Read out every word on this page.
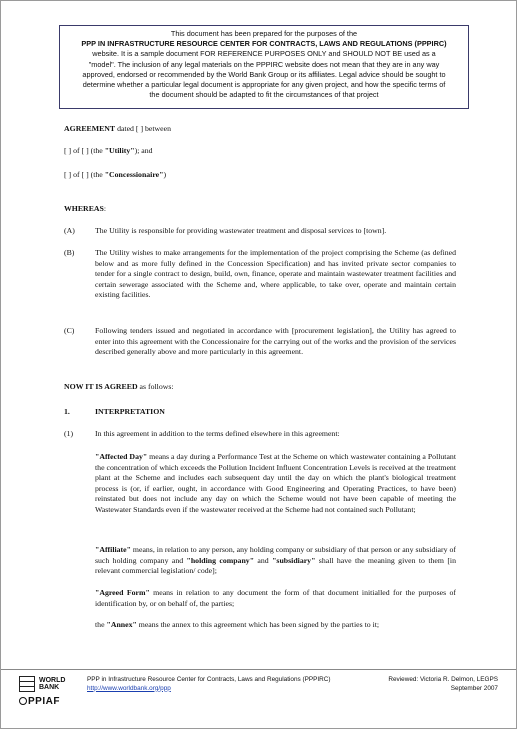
This document has been prepared for the purposes of the
PPP IN INFRASTRUCTURE RESOURCE CENTER FOR CONTRACTS, LAWS AND REGULATIONS (PPPIRC)
website. It is a sample document FOR REFERENCE PURPOSES ONLY and SHOULD NOT BE used as a
"model". The inclusion of any legal materials on the PPPIRC website does not mean that they are in any way
approved, endorsed or recommended by the World Bank Group or its affiliates. Legal advice should be sought to
determine whether a particular legal document is appropriate for any given project, and how the specific terms of
the document should be adapted to fit the circumstances of that project
AGREEMENT dated [ ] between
[ ] of [ ] (the "Utility"); and
[ ] of [ ] (the "Concessionaire")
WHEREAS:
(A)	The Utility is responsible for providing wastewater treatment and disposal services to [town].
(B)	The Utility wishes to make arrangements for the implementation of the project comprising the Scheme (as defined below and as more fully defined in the Concession Specification) and has invited private sector companies to tender for a single contract to design, build, own, finance, operate and maintain wastewater treatment facilities and certain sewerage associated with the Scheme and, where applicable, to take over, operate and maintain certain existing facilities.
(C)	Following tenders issued and negotiated in accordance with [procurement legislation], the Utility has agreed to enter into this agreement with the Concessionaire for the carrying out of the works and the provision of the services described generally above and more particularly in this agreement.
NOW IT IS AGREED as follows:
1.	INTERPRETATION
(1)	In this agreement in addition to the terms defined elsewhere in this agreement:
"Affected Day" means a day during a Performance Test at the Scheme on which wastewater containing a Pollutant the concentration of which exceeds the Pollution Incident Influent Concentration Levels is received at the treatment plant at the Scheme and includes each subsequent day until the day on which the plant's biological treatment process is (or, if earlier, ought, in accordance with Good Engineering and Operating Practices, to have been) reinstated but does not include any day on which the Scheme would not have been capable of meeting the Wastewater Standards even if the wastewater received at the Scheme had not contained such Pollutant;
"Affiliate" means, in relation to any person, any holding company or subsidiary of that person or any subsidiary of such holding company and "holding company" and "subsidiary" shall have the meaning given to them [in relevant commercial legislation/ code];
"Agreed Form" means in relation to any document the form of that document initialled for the purposes of identification by, or on behalf of, the parties;
the "Annex" means the annex to this agreement which has been signed by the parties to it;
WORLD
BANK
PPIAF
PPP in Infrastructure Resource Center for Contracts, Laws and Regulations (PPPIRC)
http://www.worldbank.org/ppp
Reviewed: Victoria R. Delmon, LEGPS
September 2007
